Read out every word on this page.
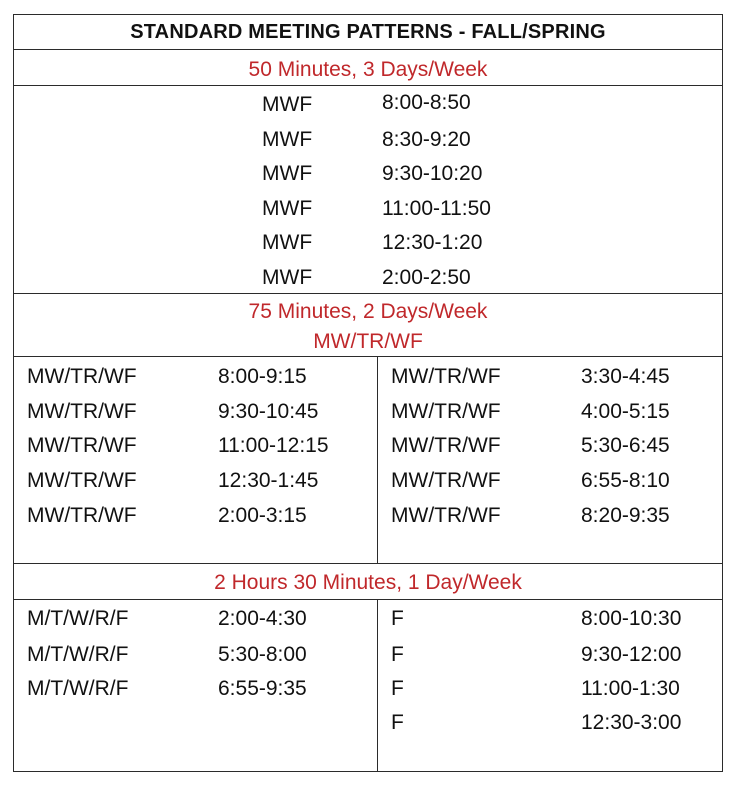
STANDARD MEETING PATTERNS - FALL/SPRING
50 Minutes, 3 Days/Week
MWF	8:00-8:50
MWF	8:30-9:20
MWF	9:30-10:20
MWF	11:00-11:50
MWF	12:30-1:20
MWF	2:00-2:50
75 Minutes, 2 Days/Week
MW/TR/WF
MW/TR/WF	8:00-9:15
MW/TR/WF	9:30-10:45
MW/TR/WF	11:00-12:15
MW/TR/WF	12:30-1:45
MW/TR/WF	2:00-3:15
MW/TR/WF	3:30-4:45
MW/TR/WF	4:00-5:15
MW/TR/WF	5:30-6:45
MW/TR/WF	6:55-8:10
MW/TR/WF	8:20-9:35
2 Hours 30 Minutes, 1 Day/Week
M/T/W/R/F	2:00-4:30
M/T/W/R/F	5:30-8:00
M/T/W/R/F	6:55-9:35
F	8:00-10:30
F	9:30-12:00
F	11:00-1:30
F	12:30-3:00
